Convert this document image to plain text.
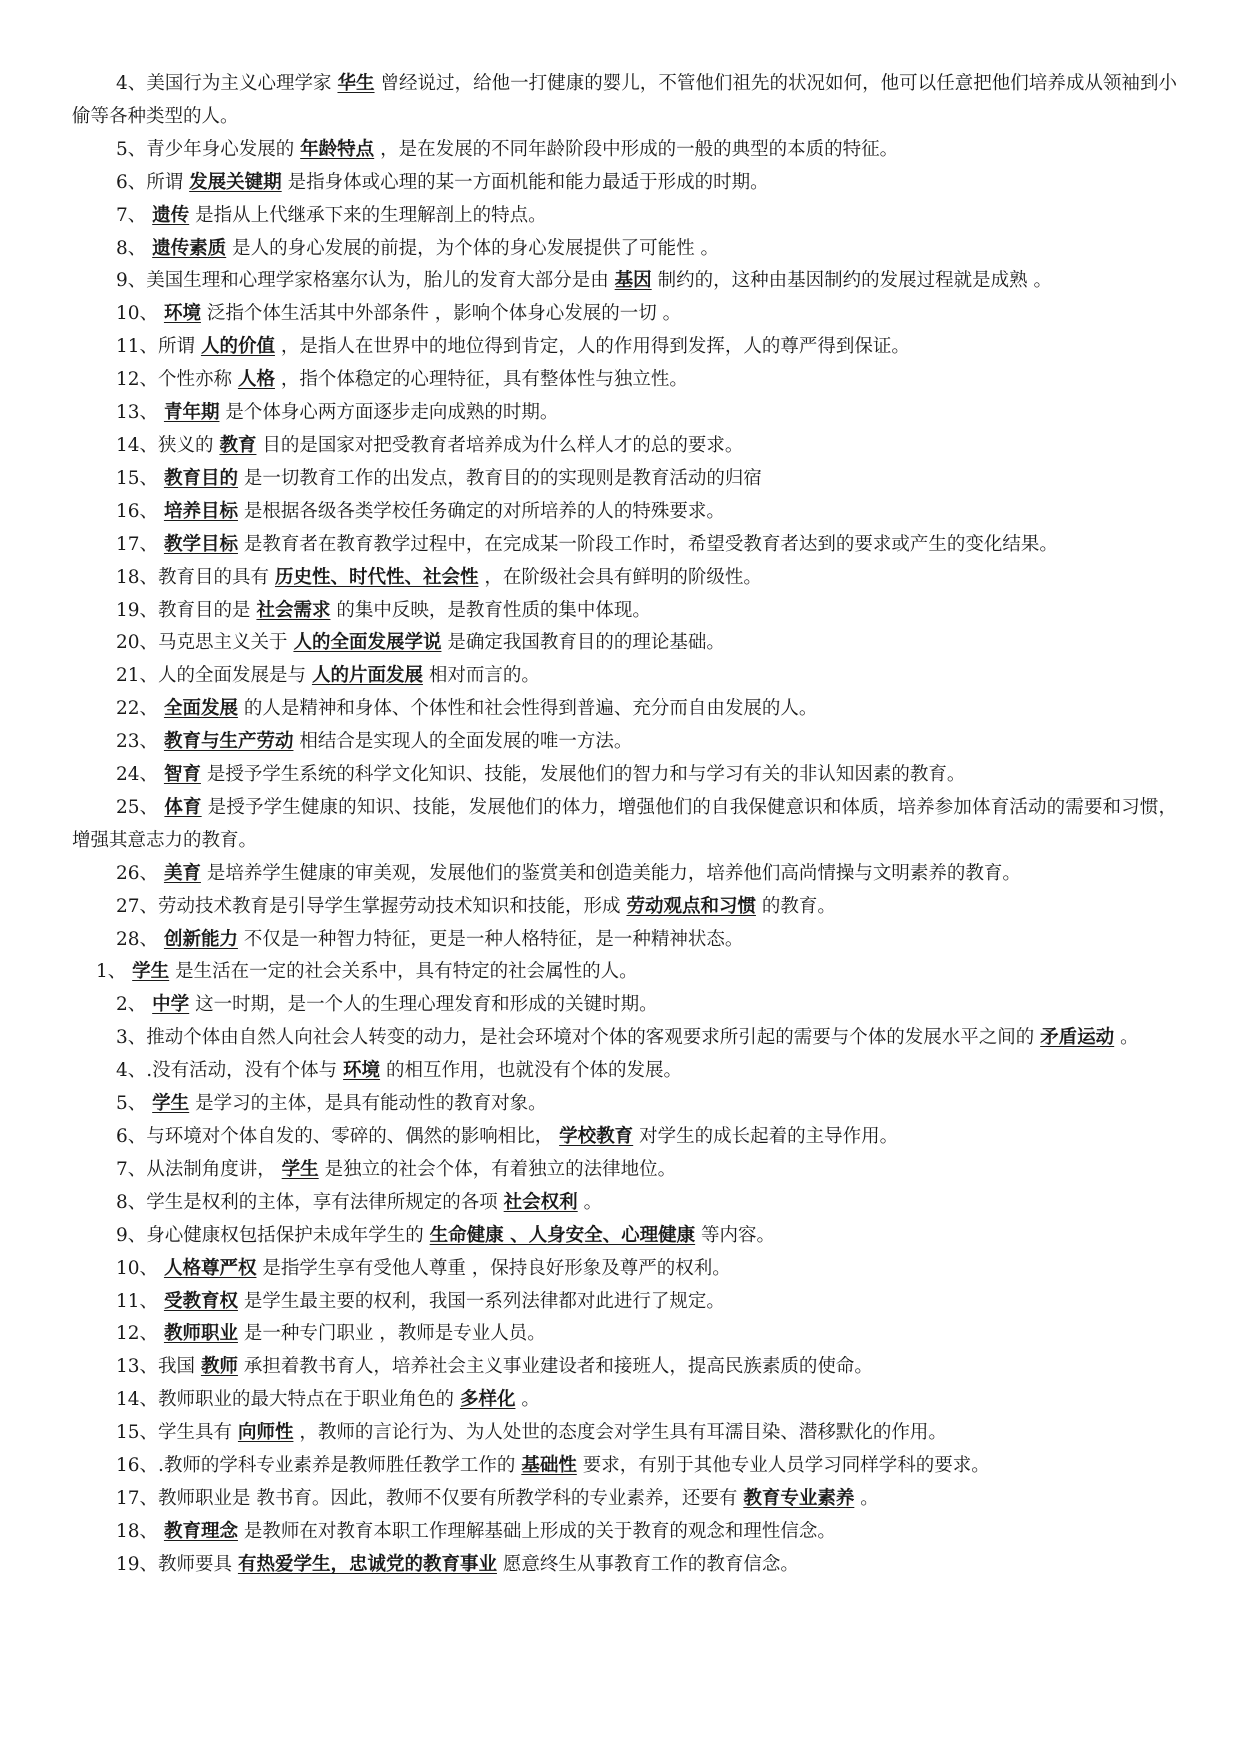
4、美国行为主义心理学家 华生 曾经说过，给他一打健康的婴儿，不管他们祖先的状况如何，他可以任意把他们培养成从领袖到小偷等各种类型的人。

5、青少年身心发展的 年龄特点 ，是在发展的不同年龄阶段中形成的一般的典型的本质的特征。

6、所谓 发展关键期 是指身体或心理的某一方面机能和能力最适于形成的时期。

7、 遗传 是指从上代继承下来的生理解剖上的特点。

8、 遗传素质 是人的身心发展的前提，为个体的身心发展提供了可能性 。

9、美国生理和心理学家格塞尔认为，胎儿的发育大部分是由 基因 制约的，这种由基因制约的发展过程就是成熟 。

10、 环境 泛指个体生活其中外部条件 ，影响个体身心发展的一切 。

11、所谓 人的价值 ，是指人在世界中的地位得到肯定，人的作用得到发挥，人的尊严得到保证。

12、个性亦称 人格 ，指个体稳定的心理特征，具有整体性与独立性。

13、 青年期 是个体身心两方面逐步走向成熟的时期。

14、狭义的 教育 目的是国家对把受教育者培养成为什么样人才的总的要求。

15、 教育目的 是一切教育工作的出发点，教育目的的实现则是教育活动的归宿

16、 培养目标 是根据各级各类学校任务确定的对所培养的人的特殊要求。

17、 教学目标 是教育者在教育教学过程中，在完成某一阶段工作时，希望受教育者达到的要求或产生的变化结果。

18、教育目的具有 历史性、时代性、社会性 ，在阶级社会具有鲜明的阶级性。

19、教育目的是 社会需求 的集中反映，是教育性质的集中体现。

20、马克思主义关于 人的全面发展学说 是确定我国教育目的的理论基础。

21、人的全面发展是与 人的片面发展 相对而言的。

22、 全面发展 的人是精神和身体、个体性和社会性得到普遍、充分而自由发展的人。

23、 教育与生产劳动 相结合是实现人的全面发展的唯一方法。

24、 智育 是授予学生系统的科学文化知识、技能，发展他们的智力和与学习有关的非认知因素的教育。

25、 体育 是授予学生健康的知识、技能，发展他们的体力，增强他们的自我保健意识和体质，培养参加体育活动的需要和习惯，增强其意志力的教育。

26、 美育 是培养学生健康的审美观，发展他们的鉴赏美和创造美能力，培养他们高尚情操与文明素养的教育。

27、劳动技术教育是引导学生掌握劳动技术知识和技能，形成 劳动观点和习惯 的教育。

28、 创新能力 不仅是一种智力特征，更是一种人格特征，是一种精神状态。

1、 学生 是生活在一定的社会关系中，具有特定的社会属性的人。

2、 中学 这一时期，是一个人的生理心理发育和形成的关键时期。

3、推动个体由自然人向社会人转变的动力，是社会环境对个体的客观要求所引起的需要与个体的发展水平之间的 矛盾运动 。

4、.没有活动，没有个体与 环境 的相互作用，也就没有个体的发展。

5、 学生 是学习的主体，是具有能动性的教育对象。

6、与环境对个体自发的、零碎的、偶然的影响相比， 学校教育 对学生的成长起着的主导作用。

7、从法制角度讲， 学生 是独立的社会个体，有着独立的法律地位。

8、学生是权利的主体，享有法律所规定的各项 社会权利 。

9、身心健康权包括保护未成年学生的 生命健康 、人身安全、心理健康 等内容。

10、 人格尊严权 是指学生享有受他人尊重 ，保持良好形象及尊严的权利。

11、 受教育权 是学生最主要的权利，我国一系列法律都对此进行了规定。

12、 教师职业 是一种专门职业 ，教师是专业人员。

13、我国 教师 承担着教书育人，培养社会主义事业建设者和接班人，提高民族素质的使命。

14、教师职业的最大特点在于职业角色的 多样化 。

15、学生具有 向师性 ，教师的言论行为、为人处世的态度会对学生具有耳濡目染、潜移默化的作用。

16、.教师的学科专业素养是教师胜任教学工作的 基础性 要求，有别于其他专业人员学习同样学科的要求。

17、教师职业是 教书育。因此，教师不仅要有所教学科的专业素养，还要有 教育专业素养 。

18、 教育理念 是教师在对教育本职工作理解基础上形成的关于教育的观念和理性信念。

19、教师要具 有热爱学生，忠诚党的教育事业 愿意终生从事教育工作的教育信念。
